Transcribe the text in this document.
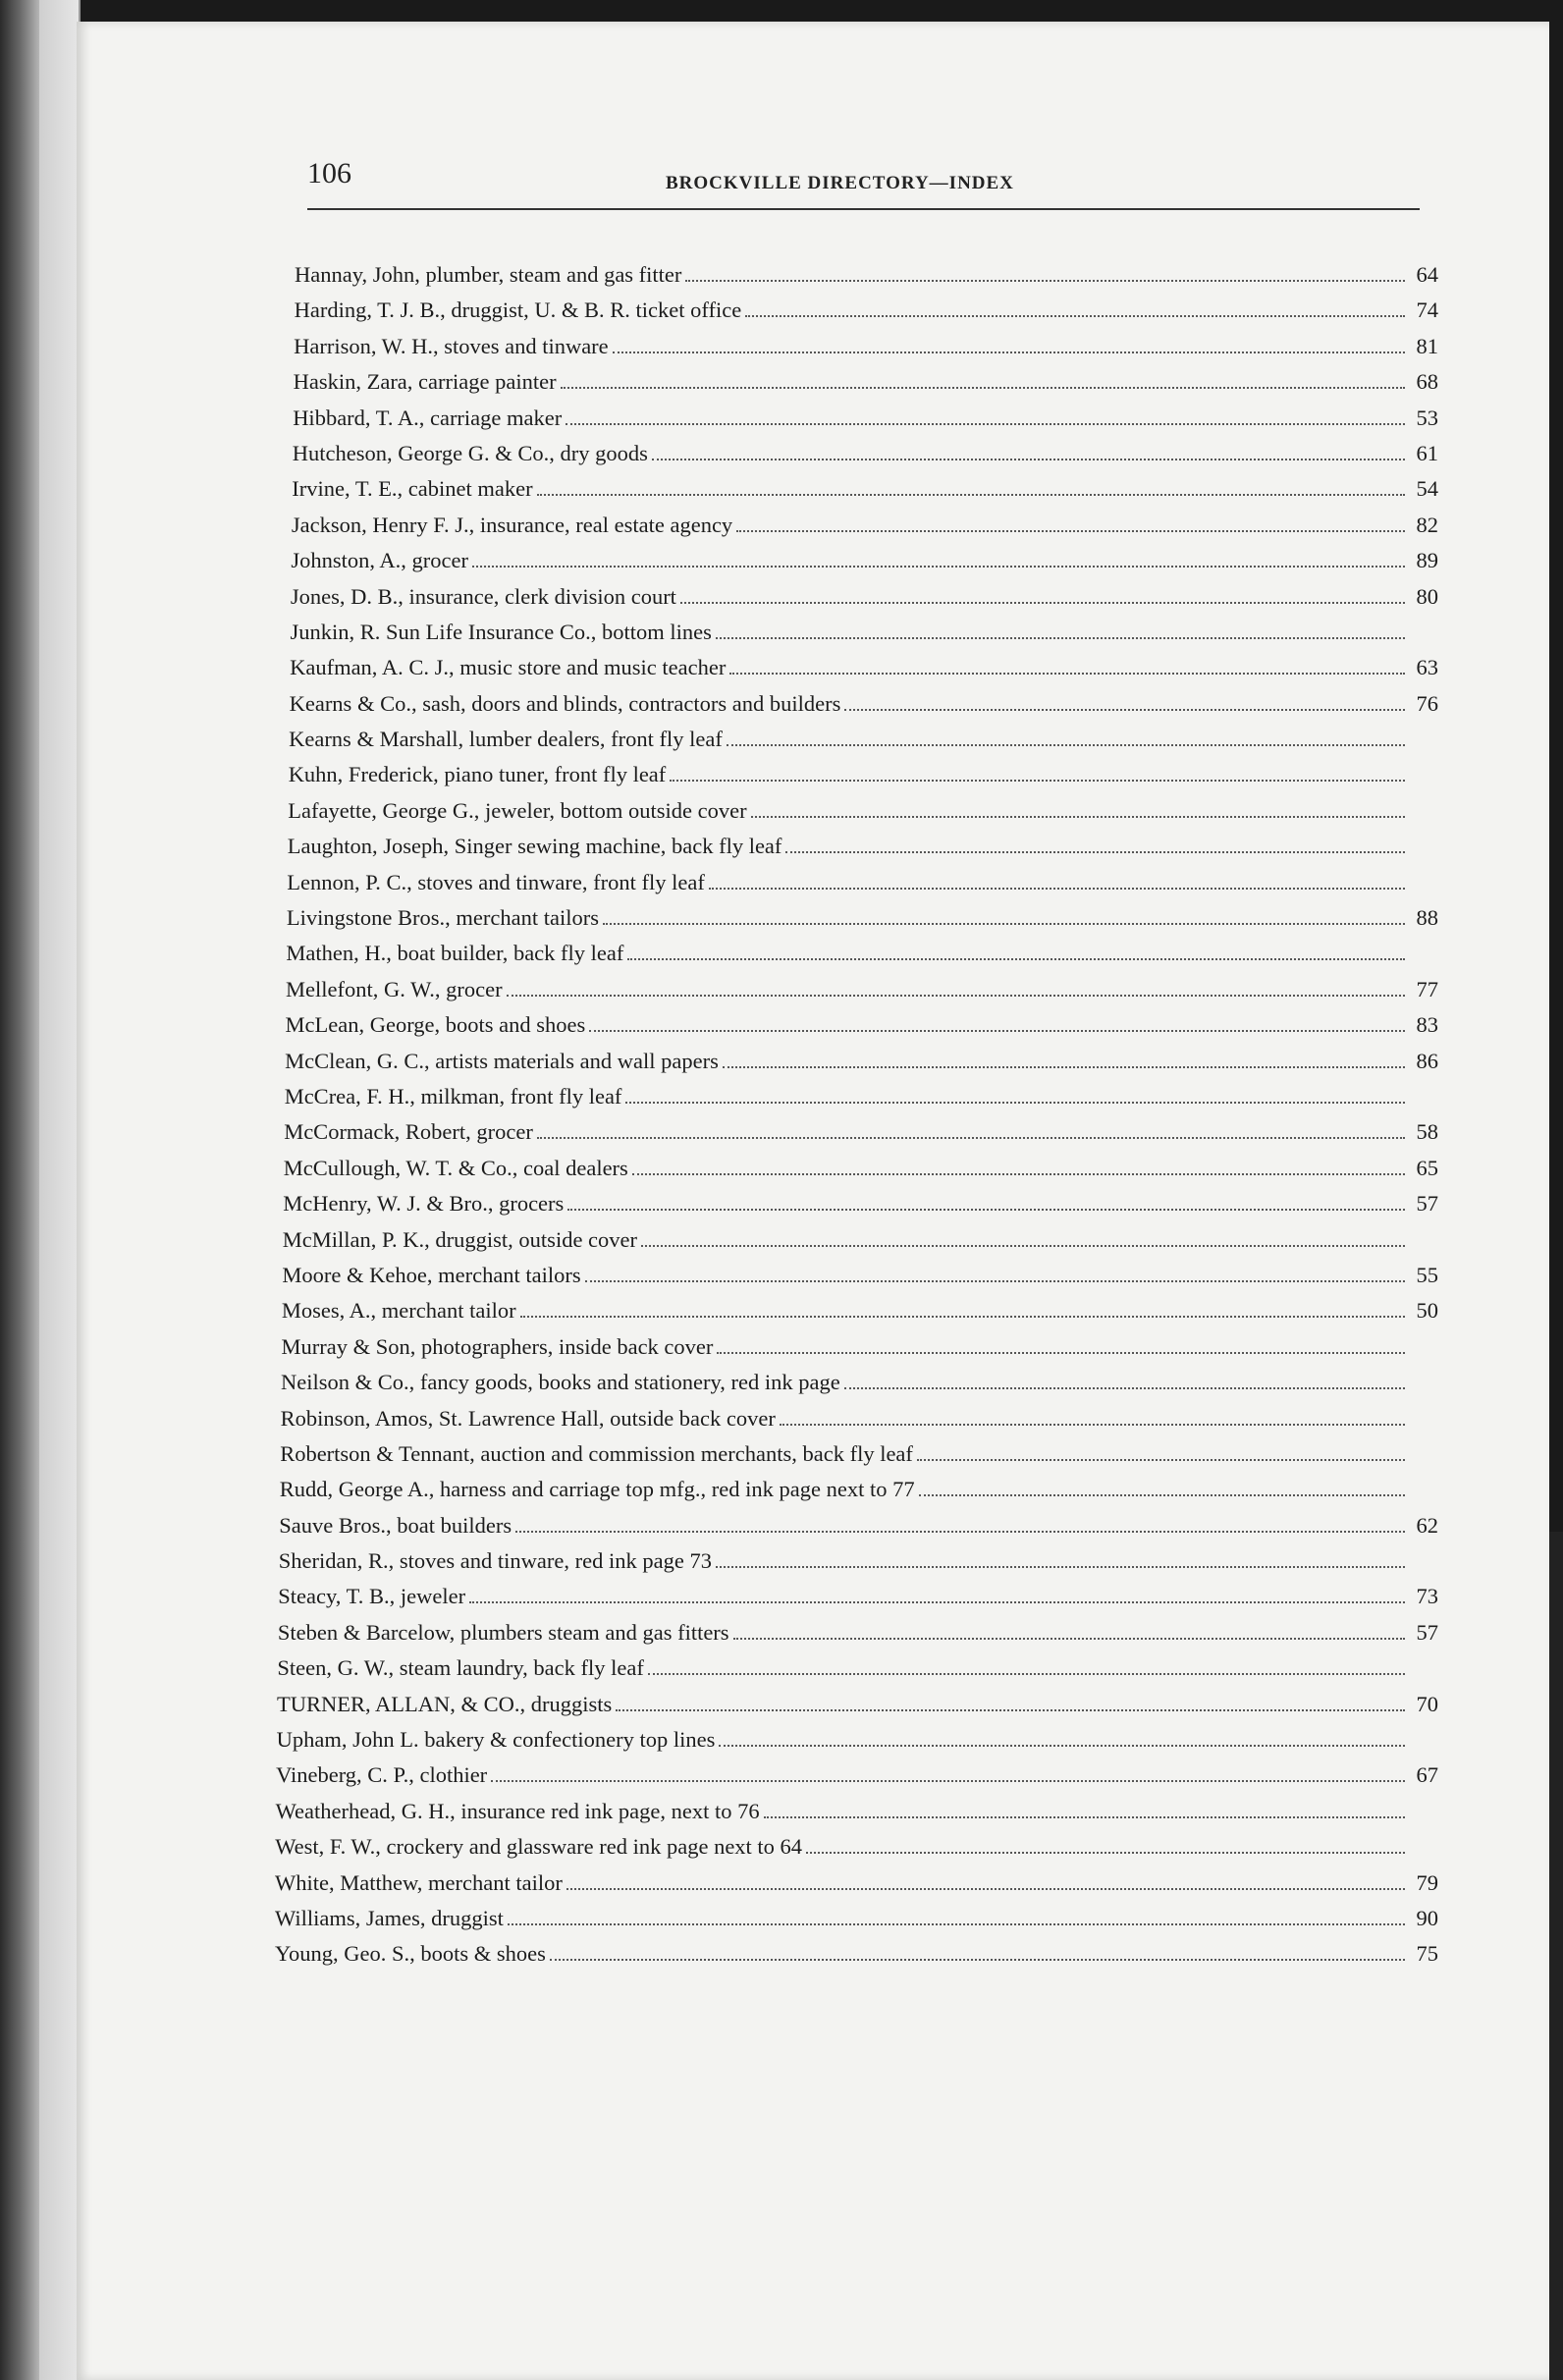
106	BROCKVILLE DIRECTORY—INDEX
Hannay, John, plumber, steam and gas fitter	64
Harding, T. J. B., druggist, U. & B. R. ticket office	74
Harrison, W. H., stoves and tinware	81
Haskin, Zara, carriage painter	68
Hibbard, T. A., carriage maker	53
Hutcheson, George G. & Co., dry goods	61
Irvine, T. E., cabinet maker	54
Jackson, Henry F. J., insurance, real estate agency	82
Johnston, A., grocer	89
Jones, D. B., insurance, clerk division court	80
Junkin, R. Sun Life Insurance Co., bottom lines
Kaufman, A. C. J., music store and music teacher	63
Kearns & Co., sash, doors and blinds, contractors and builders	76
Kearns & Marshall, lumber dealers, front fly leaf
Kuhn, Frederick, piano tuner, front fly leaf
Lafayette, George G., jeweler, bottom outside cover
Laughton, Joseph, Singer sewing machine, back fly leaf
Lennon, P. C., stoves and tinware, front fly leaf
Livingstone Bros., merchant tailors	88
Mathen, H., boat builder, back fly leaf
Mellefont, G. W., grocer	77
McLean, George, boots and shoes	83
McClean, G. C., artists materials and wall papers	86
McCrea, F. H., milkman, front fly leaf
McCormack, Robert, grocer	58
McCullough, W. T. & Co., coal dealers	65
McHenry, W. J. & Bro., grocers	57
McMillan, P. K., druggist, outside cover
Moore & Kehoe, merchant tailors	55
Moses, A., merchant tailor	50
Murray & Son, photographers, inside back cover
Neilson & Co., fancy goods, books and stationery, red ink page
Robinson, Amos, St. Lawrence Hall, outside back cover
Robertson & Tennant, auction and commission merchants, back fly leaf
Rudd, George A., harness and carriage top mfg., red ink page next to 77
Sauve Bros., boat builders	62
Sheridan, R., stoves and tinware, red ink page 73
Steacy, T. B., jeweler	73
Steben & Barcelow, plumbers steam and gas fitters	57
Steen, G. W., steam laundry, back fly leaf
TURNER, ALLAN, & CO., druggists	70
Upham, John L. bakery & confectionery top lines
Vineberg, C. P., clothier	67
Weatherhead, G. H., insurance red ink page, next to 76
West, F. W., crockery and glassware red ink page next to 64
White, Matthew, merchant tailor	79
Williams, James, druggist	90
Young, Geo. S., boots & shoes	75
